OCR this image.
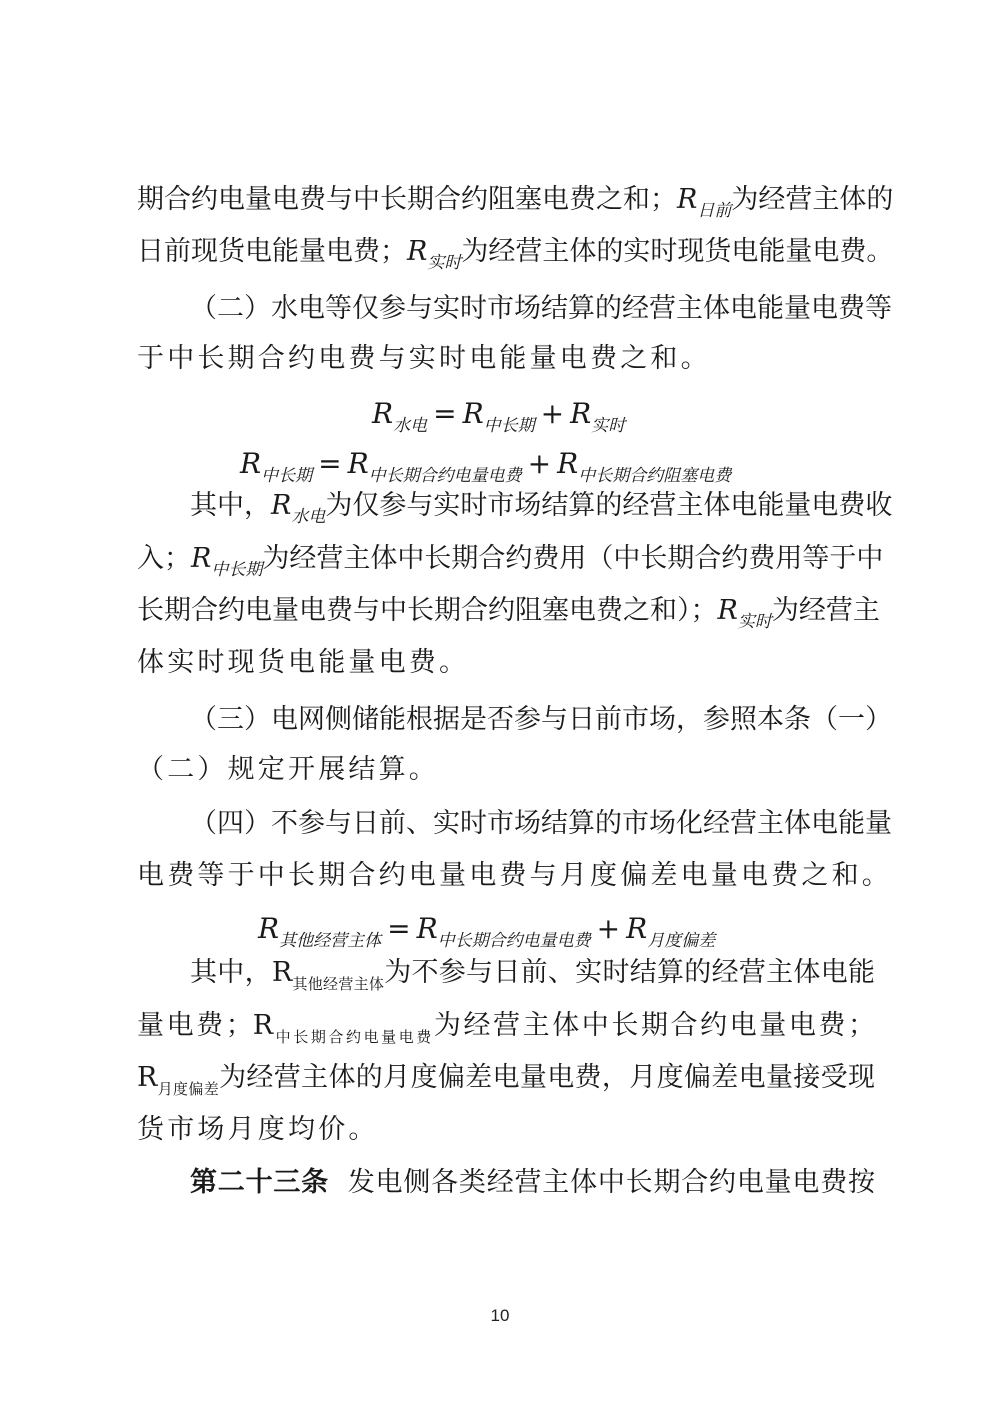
期合约电量电费与中长期合约阻塞电费之和；$R_{日前}$为经营主体的
日前现货电能量电费；$R_{实时}$为经营主体的实时现货电能量电费。
（二）水电等仅参与实时市场结算的经营主体电能量电费等
于中长期合约电费与实时电能量电费之和。
$R_{水电} = R_{中长期} + R_{实时}$
$R_{中长期} = R_{中长期合约电量电费} + R_{中长期合约阻塞电费}$
其中，$R_{水电}$为仅参与实时市场结算的经营主体电能量电费收
入；$R_{中长期}$为经营主体中长期合约费用（中长期合约费用等于中
长期合约电量电费与中长期合约阻塞电费之和）；$R_{实时}$为经营主
体实时现货电能量电费。
（三）电网侧储能根据是否参与日前市场，参照本条（一）
（二）规定开展结算。
（四）不参与日前、实时市场结算的市场化经营主体电能量
电费等于中长期合约电量电费与月度偏差电量电费之和。
$R_{其他经营主体} = R_{中长期合约电量电费} + R_{月度偏差}$
其中，$R_{其他经营主体}$为不参与日前、实时结算的经营主体电能
量电费；$R_{中长期合约电量电费}$为经营主体中长期合约电量电费；
$R_{月度偏差}$为经营主体的月度偏差电量电费，月度偏差电量接受现
货市场月度均价。
第二十三条 发电侧各类经营主体中长期合约电量电费按
10
